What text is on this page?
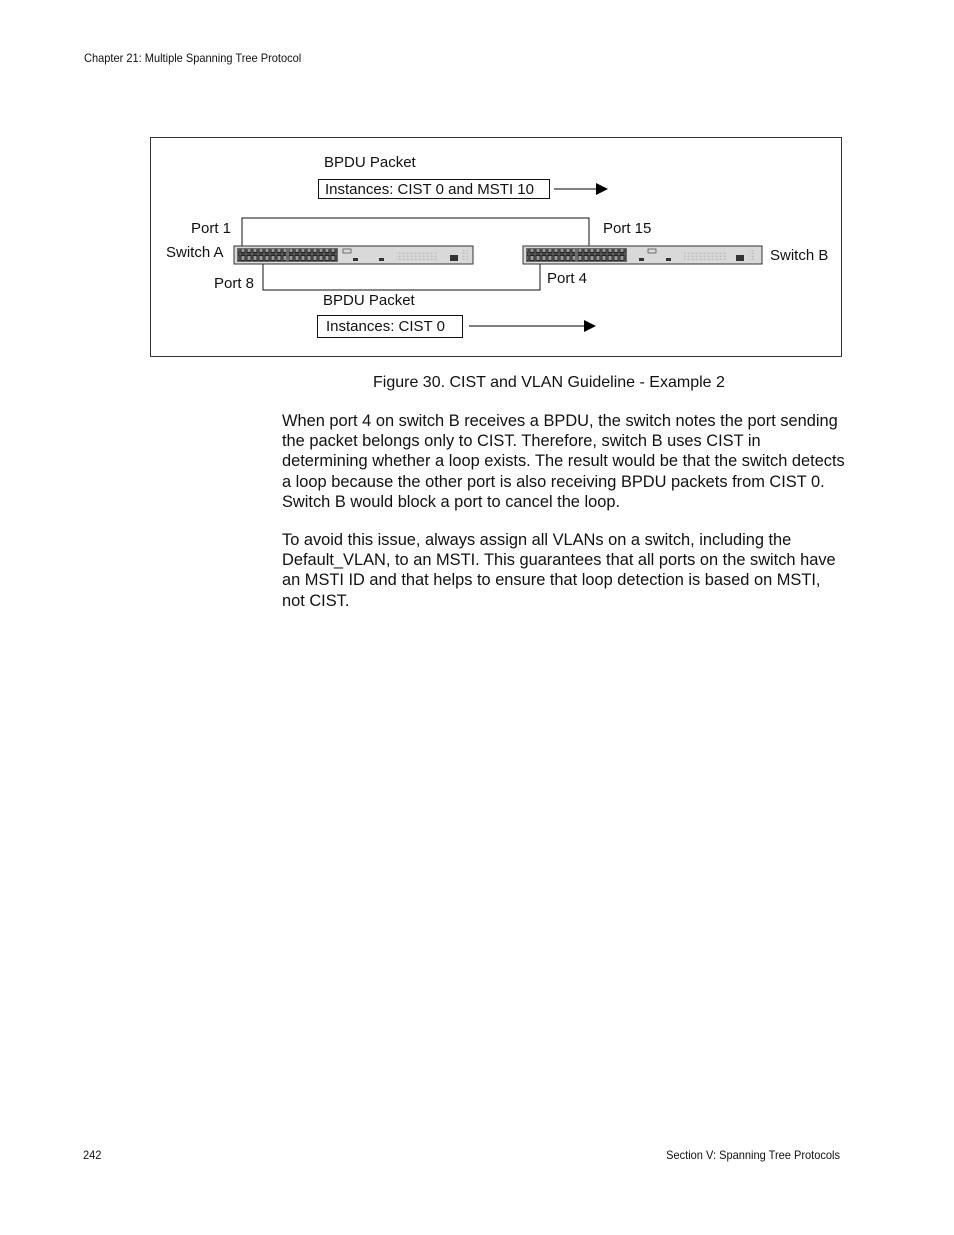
Chapter 21: Multiple Spanning Tree Protocol
BPDU Packet
Instances: CIST 0 and MSTI 10
Port 1
Switch A
Port 8
Port 15
Switch B
Port 4
BPDU Packet
Instances: CIST 0
Figure 30. CIST and VLAN Guideline - Example 2

When port 4 on switch B receives a BPDU, the switch notes the port sending the packet belongs only to CIST. Therefore, switch B uses CIST in determining whether a loop exists. The result would be that the switch detects a loop because the other port is also receiving BPDU packets from CIST 0. Switch B would block a port to cancel the loop.

To avoid this issue, always assign all VLANs on a switch, including the Default_VLAN, to an MSTI. This guarantees that all ports on the switch have an MSTI ID and that helps to ensure that loop detection is based on MSTI, not CIST.

242	Section V: Spanning Tree Protocols
